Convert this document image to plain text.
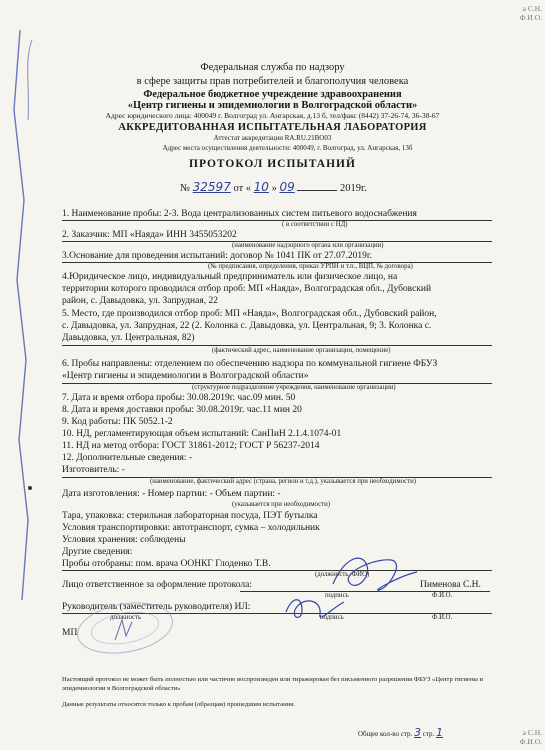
а С.Н.
Ф.И.О.
а С.Н.
Ф.И.О.
Федеральная служба по надзору
в сфере защиты прав потребителей и благополучия человека
Федеральное бюджетное учреждение здравоохранения
«Центр гигиены и эпидемиологии в Волгоградской области»
Адрес юридического лица: 400049 г. Волгоград ул. Ангарская, д.13 б, тел/факс (8442) 37-26-74, 36-38-67
АККРЕДИТОВАННАЯ ИСПЫТАТЕЛЬНАЯ ЛАБОРАТОРИЯ
Аттестат аккредитации RA.RU.21ВО03
Адрес места осуществления деятельности: 400049, г. Волгоград, ул. Ангарская, 13б
ПРОТОКОЛ ИСПЫТАНИЙ
№ 32597 от « 10 » 09	2019г.
1. Наименование пробы: 2-3. Вода централизованных систем питьевого водоснабжения
( в соответствии с НД)
2. Заказчик: МП «Наяда» ИНН 3455053202
(наименование надзорного органа или организации)
3.Основание для проведения испытаний: договор № 1041 ПК от 27.07.2019г.
(№ предписания, определения, приказ УРПН и т.п., ВЦП, № договора)
4.Юридическое лицо, индивидуальный предприниматель или физическое лицо, на
территории которого проводился отбор проб: МП «Наяда», Волгоградская обл., Дубовский
район, с. Давыдовка, ул. Запрудная, 22
5. Место, где производился отбор проб: МП «Наяда», Волгоградская обл., Дубовский район,
с. Давыдовка, ул. Запрудная, 22 (2. Колонка с. Давыдовка, ул. Центральная, 9; 3. Колонка с.
Давыдовка, ул. Центральная, 82)
(фактический адрес, наименование организации, помещение)
6. Пробы направлены: отделением по обеспечению надзора по коммунальной гигиене ФБУЗ
«Центр гигиены и эпидемиологии в Волгоградской области»
(структурное подразделение учреждения, наименование организации)
7. Дата и время отбора пробы: 30.08.2019г. час.09 мин. 50
8. Дата и время доставки пробы: 30.08.2019г. час.11 мин 20
9. Код работы: ПК 5052.1-2
10. НД, регламентирующая объем испытаний: СанПиН 2.1.4.1074-01
11. НД на метод отбора: ГОСТ 31861-2012; ГОСТ Р 56237-2014
12. Дополнительные сведения: -
Изготовитель: -
(наименование, фактический адрес (страна, регион и т.д.), указывается при необходимости)
Дата изготовления: - Номер партии: - Объем партии: -
(указывается при необходимости)
Тара, упаковка: стерильная лабораторная посуда, ПЭТ бутылка
Условия транспортировки: автотранспорт, сумка – холодильник
Условия хранения: соблюдены
Другие сведения:
Пробы отобраны: пом. врача ООНКГ Глоденко Т.В.
(должность, ФИО)
Лицо ответственное за оформление протокола:	Пименова С.Н.
подпись	Ф.И.О.
Руководитель (заместитель руководителя) ИЛ:
должность	подпись	Ф.И.О.
МП
Настоящий протокол не может быть полностью или частично воспроизведен или тиражирован без письменного разрешения ФБУЗ «Центр гигиены и эпидемиологии в Волгоградской области»
Данные результаты относятся только к пробам (образцам) прошедшим испытания.
Общее кол-во стр. 3 стр. 1
